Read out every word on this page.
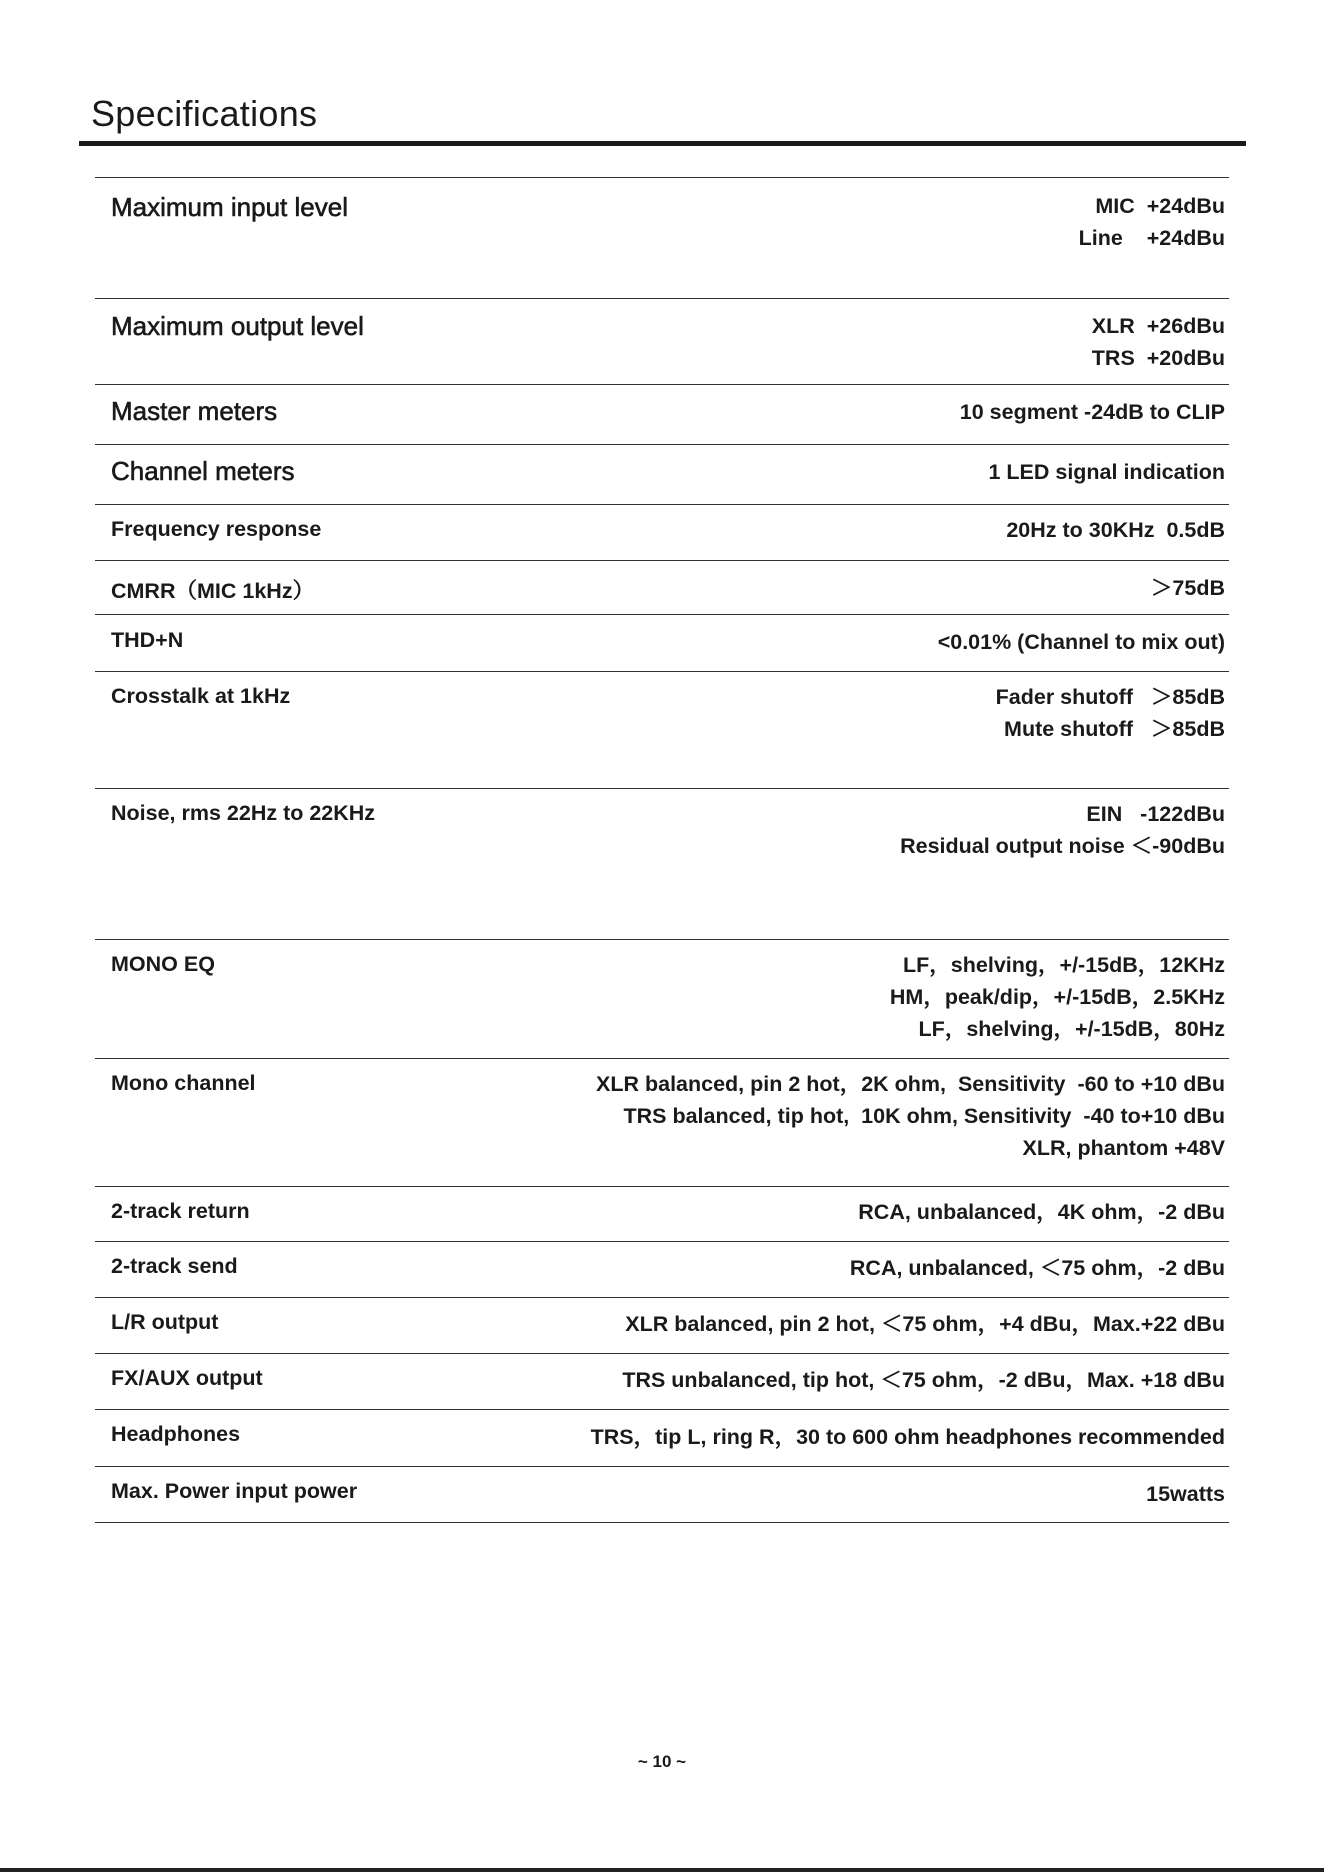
Specifications
Maximum input level	MIC  +24dBu
Line    +24dBu
Maximum output level	XLR  +26dBu
TRS  +20dBu
Master meters	10 segment -24dB to CLIP
Channel meters	1 LED signal indication
Frequency response	20Hz to 30KHz  0.5dB
CMRR（MIC 1kHz）	＞75dB
THD+N	<0.01% (Channel to mix out)
Crosstalk at 1kHz	Fader shutoff   ＞85dB
Mute shutoff   ＞85dB
Noise, rms 22Hz to 22KHz	EIN   -122dBu
Residual output noise ＜-90dBu
MONO EQ	LF，shelving，+/-15dB，12KHz
HM，peak/dip，+/-15dB，2.5KHz
LF，shelving，+/-15dB，80Hz
Mono channel	XLR balanced, pin 2 hot，2K ohm,  Sensitivity  -60 to +10 dBu
TRS balanced, tip hot,  10K ohm, Sensitivity  -40 to+10 dBu
XLR, phantom +48V
2-track return	RCA, unbalanced，4K ohm，-2 dBu
2-track send	RCA, unbalanced, ＜75 ohm，-2 dBu
L/R output	XLR balanced, pin 2 hot, ＜75 ohm，+4 dBu，Max.+22 dBu
FX/AUX output	TRS unbalanced, tip hot, ＜75 ohm，-2 dBu，Max. +18 dBu
Headphones	TRS，tip L, ring R，30 to 600 ohm headphones recommended
Max. Power input power	15watts
~ 10 ~
